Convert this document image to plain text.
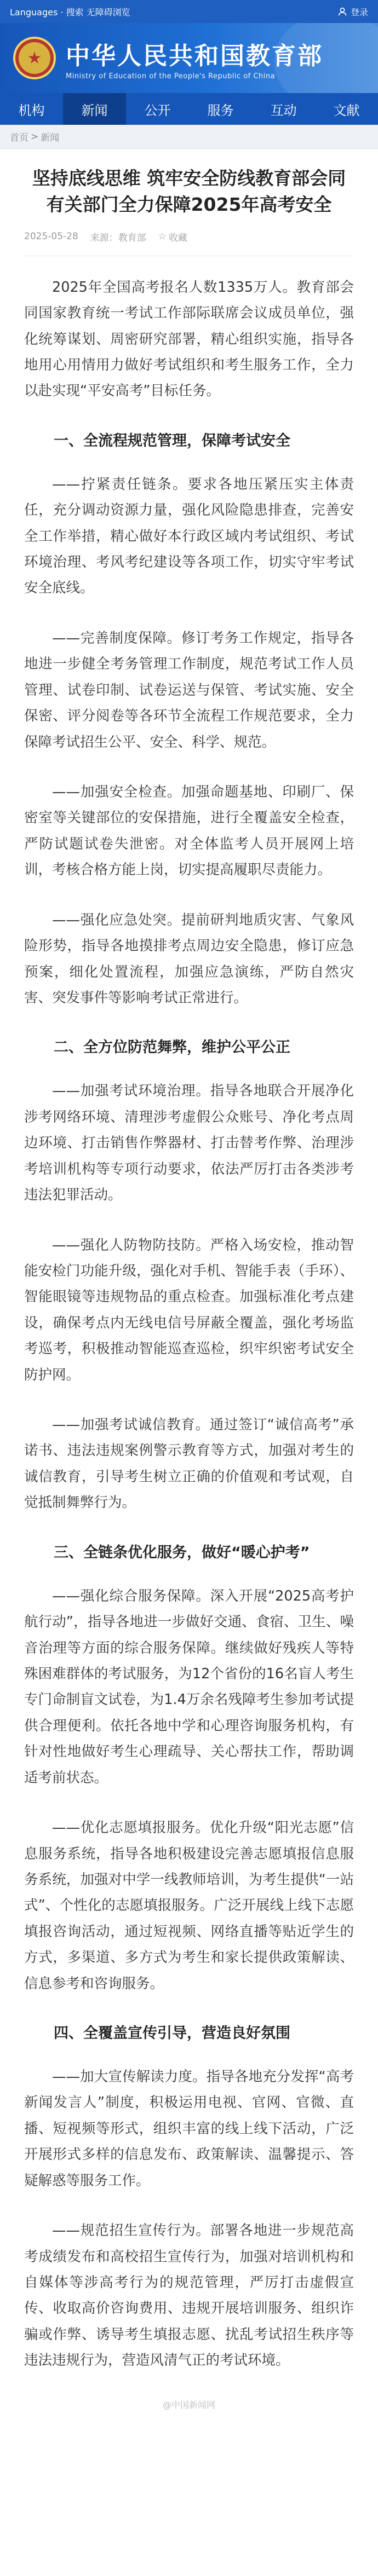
Languages · 搜索 无障碍浏览	登录
★ 中华人民共和国教育部
Ministry of Education of the People's Republic of China
机构	新闻	公开	服务	互动	文献
首页 > 新闻
坚持底线思维 筑牢安全防线教育部会同有关部门全力保障2025年高考安全
2025-05-28 来源：教育部 ☆ 收藏

2025年全国高考报名人数1335万人。教育部会同国家教育统一考试工作部际联席会议成员单位，强化统筹谋划、周密研究部署，精心组织实施，指导各地用心用情用力做好考试组织和考生服务工作，全力以赴实现“平安高考”目标任务。

一、全流程规范管理，保障考试安全

——拧紧责任链条。要求各地压紧压实主体责任，充分调动资源力量，强化风险隐患排查，完善安全工作举措，精心做好本行政区域内考试组织、考试环境治理、考风考纪建设等各项工作，切实守牢考试安全底线。

——完善制度保障。修订考务工作规定，指导各地进一步健全考务管理工作制度，规范考试工作人员管理、试卷印制、试卷运送与保管、考试实施、安全保密、评分阅卷等各环节全流程工作规范要求，全力保障考试招生公平、安全、科学、规范。

——加强安全检查。加强命题基地、印刷厂、保密室等关键部位的安保措施，进行全覆盖安全检查，严防试题试卷失泄密。对全体监考人员开展网上培训，考核合格方能上岗，切实提高履职尽责能力。

——强化应急处突。提前研判地质灾害、气象风险形势，指导各地摸排考点周边安全隐患，修订应急预案，细化处置流程，加强应急演练，严防自然灾害、突发事件等影响考试正常进行。

二、全方位防范舞弊，维护公平公正

——加强考试环境治理。指导各地联合开展净化涉考网络环境、清理涉考虚假公众账号、净化考点周边环境、打击销售作弊器材、打击替考作弊、治理涉考培训机构等专项行动要求，依法严厉打击各类涉考违法犯罪活动。

——强化人防物防技防。严格入场安检，推动智能安检门功能升级，强化对手机、智能手表（手环）、智能眼镜等违规物品的重点检查。加强标准化考点建设，确保考点内无线电信号屏蔽全覆盖，强化考场监考巡考，积极推动智能巡查巡检，织牢织密考试安全防护网。

——加强考试诚信教育。通过签订“诚信高考”承诺书、违法违规案例警示教育等方式，加强对考生的诚信教育，引导考生树立正确的价值观和考试观，自觉抵制舞弊行为。

三、全链条优化服务，做好“暖心护考”

——强化综合服务保障。深入开展“2025高考护航行动”，指导各地进一步做好交通、食宿、卫生、噪音治理等方面的综合服务保障。继续做好残疾人等特殊困难群体的考试服务，为12个省份的16名盲人考生专门命制盲文试卷，为1.4万余名残障考生参加考试提供合理便利。依托各地中学和心理咨询服务机构，有针对性地做好考生心理疏导、关心帮扶工作，帮助调适考前状态。

——优化志愿填报服务。优化升级“阳光志愿”信息服务系统，指导各地积极建设完善志愿填报信息服务系统，加强对中学一线教师培训，为考生提供“一站式”、个性化的志愿填报服务。广泛开展线上线下志愿填报咨询活动，通过短视频、网络直播等贴近学生的方式，多渠道、多方式为考生和家长提供政策解读、信息参考和咨询服务。

四、全覆盖宣传引导，营造良好氛围

——加大宣传解读力度。指导各地充分发挥“高考新闻发言人”制度，积极运用电视、官网、官微、直播、短视频等形式，组织丰富的线上线下活动，广泛开展形式多样的信息发布、政策解读、温馨提示、答疑解惑等服务工作。

——规范招生宣传行为。部署各地进一步规范高考成绩发布和高校招生宣传行为，加强对培训机构和自媒体等涉高考行为的规范管理，严厉打击虚假宣传、收取高价咨询费用、违规开展培训服务、组织诈骗或作弊、诱导考生填报志愿、扰乱考试招生秩序等违法违规行为，营造风清气正的考试环境。

@中国新闻网
